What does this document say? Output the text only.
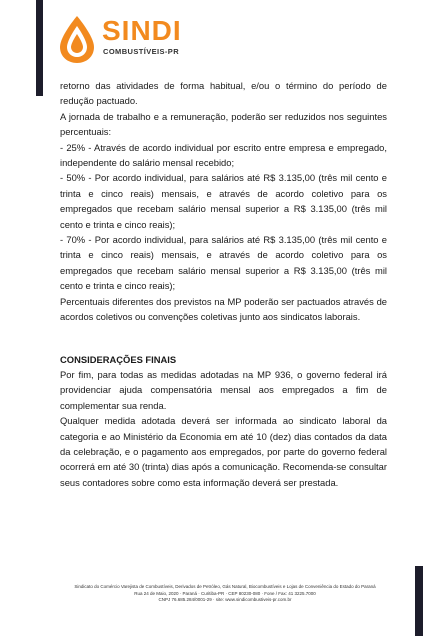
SINDI
COMBUSTÍVEIS-PR

retorno das atividades de forma habitual, e/ou o término do período de redução pactuado.

A jornada de trabalho e a remuneração, poderão ser reduzidos nos seguintes percentuais:

- 25% - Através de acordo individual por escrito entre empresa e empregado, independente do salário mensal recebido;

- 50% - Por acordo individual, para salários até R$ 3.135,00 (três mil cento e trinta e cinco reais) mensais, e através de acordo coletivo para os empregados que recebam salário mensal superior a R$ 3.135,00 (três mil cento e trinta e cinco reais);

- 70% - Por acordo individual, para salários até R$ 3.135,00 (três mil cento e trinta e cinco reais) mensais, e através de acordo coletivo para os empregados que recebam salário mensal superior a R$ 3.135,00 (três mil cento e trinta e cinco reais);

Percentuais diferentes dos previstos na MP poderão ser pactuados através de acordos coletivos ou convenções coletivas junto aos sindicatos laborais.

CONSIDERAÇÕES FINAIS

Por fim, para todas as medidas adotadas na MP 936, o governo federal irá providenciar ajuda compensatória mensal aos empregados a fim de complementar sua renda.

Qualquer medida adotada deverá ser informada ao sindicato laboral da categoria e ao Ministério da Economia em até 10 (dez) dias contados da data da celebração, e o pagamento aos empregados, por parte do governo federal ocorrerá em até 30 (trinta) dias após a comunicação. Recomenda-se consultar seus contadores sobre como esta informação deverá ser prestada.

Sindicato do Comércio Varejista de Combustíveis, Derivados de Petróleo, Gás Natural, Biocombustíveis e Lojas de Conveniência do Estado do Paraná
Rua 24 de Maio, 2020 · Paraná · Curitiba-PR · CEP 80230-080 · Fone / Fax: 41 3225.7000
CNPJ 76.685.284/0001-29 · site: www.sindicombustiveis-pr.com.br
